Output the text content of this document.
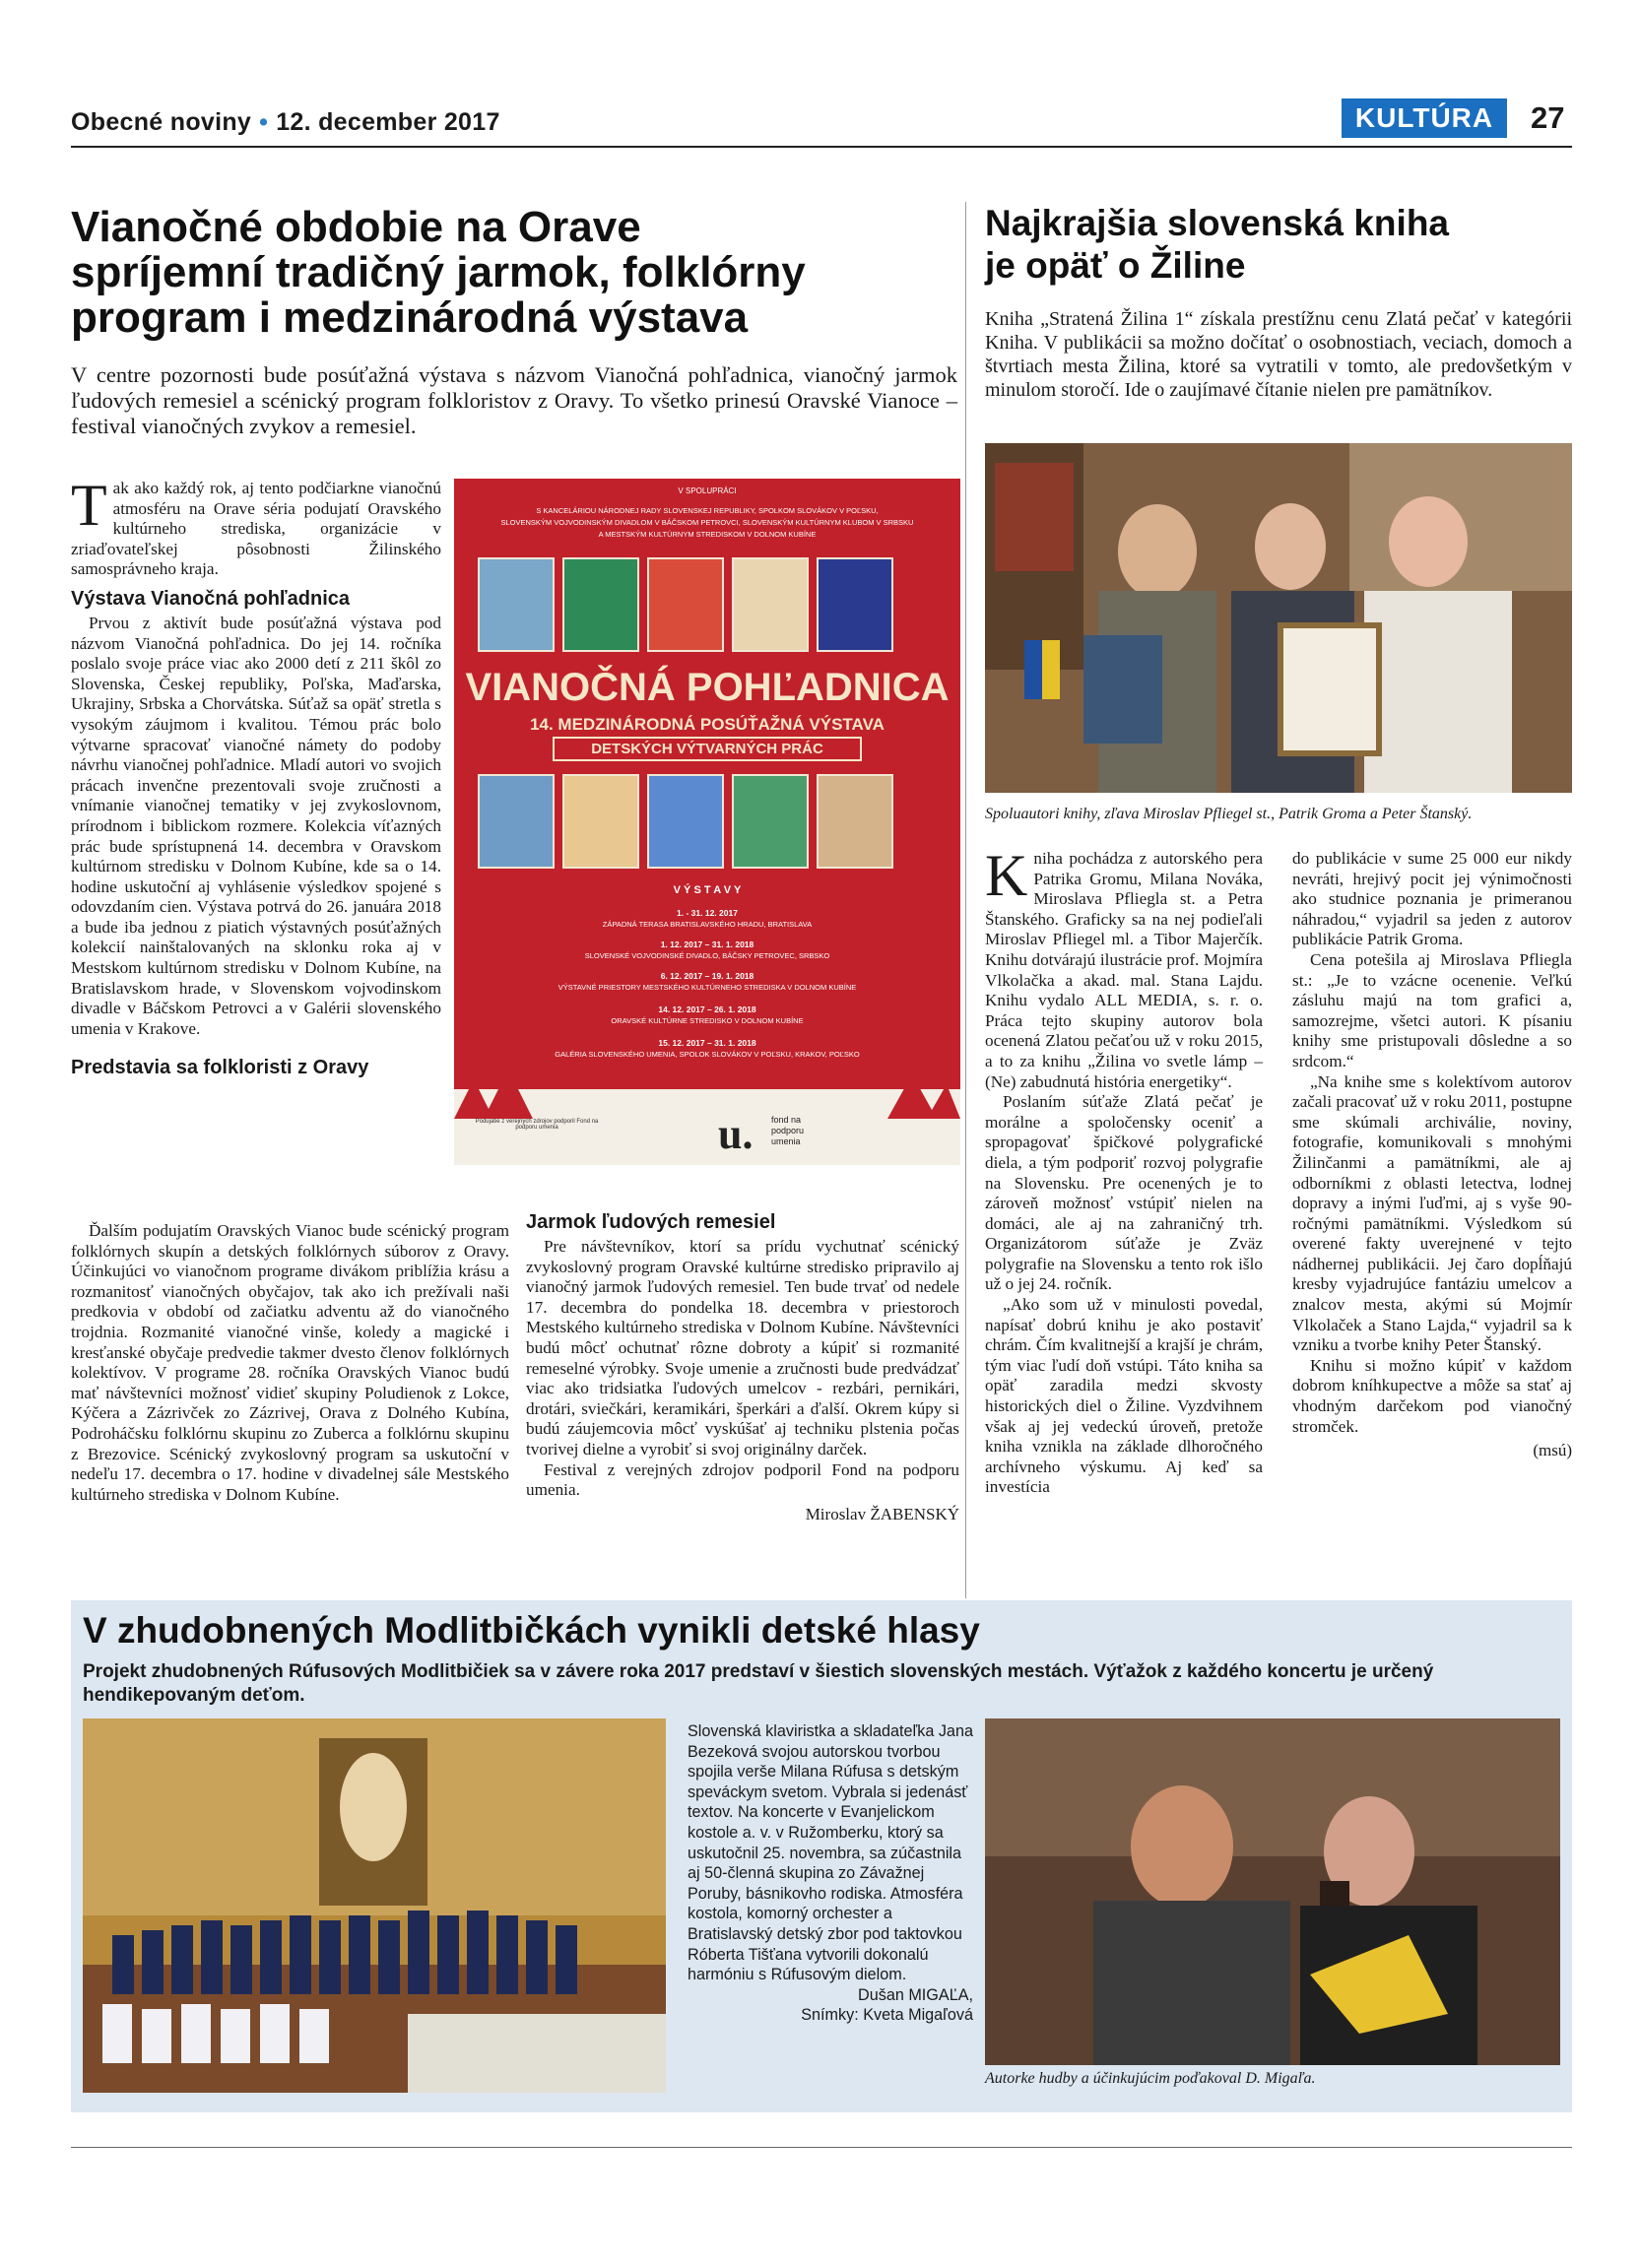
Obecné noviny • 12. december 2017	KULTÚRA	27
Vianočné obdobie na Orave
spríjemní tradičný jarmok, folklórny
program i medzinárodná výstava
V centre pozornosti bude posúťažná výstava s názvom Vianočná pohľadnica, vianočný jarmok ľudových remesiel a scénický program folkloristov z Oravy. To všetko prinesú Oravské Vianoce – festival vianočných zvykov a remesiel.

Tak ako každý rok, aj tento podčiarkne vianočnú atmosféru na Orave séria podujatí Oravského kultúrneho strediska, organizácie v zriaďovateľskej pôsobnosti Žilinského samosprávneho kraja.

Výstava Vianočná pohľadnica

Prvou z aktivít bude posúťažná výstava pod názvom Vianočná pohľadnica. Do jej 14. ročníka poslalo svoje práce viac ako 2000 detí z 211 škôl zo Slovenska, Českej republiky, Poľska, Maďarska, Ukrajiny, Srbska a Chorvátska. Súťaž sa opäť stretla s vysokým záujmom i kvalitou. Témou prác bolo výtvarne spracovať vianočné námety do podoby návrhu vianočnej pohľadnice. Mladí autori vo svojich prácach invenčne prezentovali svoje zručnosti a vnímanie vianočnej tematiky v jej zvykoslovnom, prírodnom i biblickom rozmere. Kolekcia víťazných prác bude sprístupnená 14. decembra v Oravskom kultúrnom stredisku v Dolnom Kubíne, kde sa o 14. hodine uskutoční aj vyhlásenie výsledkov spojené s odovzdaním cien. Výstava potrvá do 26. januára 2018 a bude iba jednou z piatich výstavných posúťažných kolekcií nainštalovaných na sklonku roka aj v Mestskom kultúrnom stredisku v Dolnom Kubíne, na Bratislavskom hrade, v Slovenskom vojvodinskom divadle v Báčskom Petrovci a v Galérii slovenského umenia v Krakove.

Predstavia sa folkloristi z Oravy

Ďalším podujatím Oravských Vianoc bude scénický program folklórnych skupín a detských folklórnych súborov z Oravy. Účinkujúci vo vianočnom programe divákom priblížia krásu a rozmanitosť vianočných obyčajov, tak ako ich prežívali naši predkovia v období od začiatku adventu až do vianočného trojdnia. Rozmanité vianočné vinše, koledy a magické i kresťanské obyčaje predvedie takmer dvesto členov folklórnych kolektívov. V programe 28. ročníka Oravských Vianoc budú mať návštevníci možnosť vidieť skupiny Poludienok z Lokce, Kýčera a Zázrivček zo Zázrivej, Orava z Dolného Kubína, Podroháčsku folklórnu skupinu zo Zuberca a folklórnu skupinu z Brezovice. Scénický zvykoslovný program sa uskutoční v nedeľu 17. decembra o 17. hodine v divadelnej sále Mestského kultúrneho strediska v Dolnom Kubíne.

V SPOLUPRÁCI
S KANCELÁRIOU NÁRODNEJ RADY SLOVENSKEJ REPUBLIKY, SPOLKOM SLOVÁKOV V POĽSKU,
SLOVENSKÝM VOJVODINSKÝM DIVADLOM V BÁČSKOM PETROVCI, SLOVENSKÝM KULTÚRNYM KLUBOM V SRBSKU
A MESTSKÝM KULTÚRNYM STREDISKOM V DOLNOM KUBÍNE
VIANOČNÁ POHĽADNICA
14. MEDZINÁRODNÁ POSÚŤAŽNÁ VÝSTAVA
DETSKÝCH VÝTVARNÝCH PRÁC
V Ý S T A V Y
1. - 31. 12. 2017
ZÁPADNÁ TERASA BRATISLAVSKÉHO HRADU, BRATISLAVA
1. 12. 2017 – 31. 1. 2018
SLOVENSKÉ VOJVODINSKÉ DIVADLO, BÁČSKY PETROVEC, SRBSKO
6. 12. 2017 – 19. 1. 2018
VÝSTAVNÉ PRIESTORY MESTSKÉHO KULTÚRNEHO STREDISKA V DOLNOM KUBÍNE
14. 12. 2017 – 26. 1. 2018
ORAVSKÉ KULTÚRNE STREDISKO V DOLNOM KUBÍNE
15. 12. 2017 – 31. 1. 2018
GALÉRIA SLOVENSKÉHO UMENIA, SPOLOK SLOVÁKOV V POĽSKU, KRAKOV, POĽSKO
Podujatie z verejných zdrojov podporil Fond na podporu umenia	u. fond na podporu umenia
Jarmok ľudových remesiel

Pre návštevníkov, ktorí sa prídu vychutnať scénický zvykoslovný program Oravské kultúrne stredisko pripravilo aj vianočný jarmok ľudových remesiel. Ten bude trvať od nedele 17. decembra do pondelka 18. decembra v priestoroch Mestského kultúrneho strediska v Dolnom Kubíne. Návštevníci budú môcť ochutnať rôzne dobroty a kúpiť si rozmanité remeselné výrobky. Svoje umenie a zručnosti bude predvádzať viac ako tridsiatka ľudových umelcov - rezbári, pernikári, drotári, sviečkári, keramikári, šperkári a ďalší. Okrem kúpy si budú záujemcovia môcť vyskúšať aj techniku plstenia počas tvorivej dielne a vyrobiť si svoj originálny darček.

Festival z verejných zdrojov podporil Fond na podporu umenia.

Miroslav ŽABENSKÝ
Najkrajšia slovenská kniha
je opäť o Žiline
Kniha „Stratená Žilina 1“ získala prestížnu cenu Zlatá pečať v kategórii Kniha. V publikácii sa možno dočítať o osobnostiach, veciach, domoch a štvrtiach mesta Žilina, ktoré sa vytratili v tomto, ale predovšetkým v minulom storočí. Ide o zaujímavé čítanie nielen pre pamätníkov.
Spoluautori knihy, zľava Miroslav Pfliegel st., Patrik Groma a Peter Štanský.

Kniha pochádza z autorského pera Patrika Gromu, Milana Nováka, Miroslava Pfliegla st. a Petra Štanského. Graficky sa na nej podieľali Miroslav Pfliegel ml. a Tibor Majerčík. Knihu dotvárajú ilustrácie prof. Mojmíra Vlkolačka a akad. mal. Stana Lajdu. Knihu vydalo ALL MEDIA, s. r. o. Práca tejto skupiny autorov bola ocenená Zlatou pečaťou už v roku 2015, a to za knihu „Žilina vo svetle lámp – (Ne) zabudnutá história energetiky“.

Poslaním súťaže Zlatá pečať je morálne a spoločensky oceniť a spropagovať špičkové polygrafické diela, a tým podporiť rozvoj polygrafie na Slovensku. Pre ocenených je to zároveň možnosť vstúpiť nielen na domáci, ale aj na zahraničný trh. Organizátorom súťaže je Zväz polygrafie na Slovensku a tento rok išlo už o jej 24. ročník.

„Ako som už v minulosti povedal, napísať dobrú knihu je ako postaviť chrám. Čím kvalitnejší a krajší je chrám, tým viac ľudí doň vstúpi. Táto kniha sa opäť zaradila medzi skvosty historických diel o Žiline. Vyzdvihnem však aj jej vedeckú úroveň, pretože kniha vznikla na základe dlhoročného archívneho výskumu. Aj keď sa investícia

do publikácie v sume 25 000 eur nikdy nevráti, hrejivý pocit jej výnimočnosti ako studnice poznania je primeranou náhradou,“ vyjadril sa jeden z autorov publikácie Patrik Groma.

Cena potešila aj Miroslava Pfliegla st.: „Je to vzácne ocenenie. Veľkú zásluhu majú na tom grafici a, samozrejme, všetci autori. K písaniu knihy sme pristupovali dôsledne a so srdcom.“

„Na knihe sme s kolektívom autorov začali pracovať už v roku 2011, postupne sme skúmali archiválie, noviny, fotografie, komunikovali s mnohými Žilinčanmi a pamätníkmi, ale aj odborníkmi z oblasti letectva, lodnej dopravy a inými ľuďmi, aj s vyše 90-ročnými pamätníkmi. Výsledkom sú overené fakty uverejnené v tejto nádhernej publikácii. Jej čaro dopĺňajú kresby vyjadrujúce fantáziu umelcov a znalcov mesta, akými sú Mojmír Vlkolaček a Stano Lajda,“ vyjadril sa k vzniku a tvorbe knihy Peter Štanský.

Knihu si možno kúpiť v každom dobrom kníhkupectve a môže sa stať aj vhodným darčekom pod vianočný stromček.

(msú)
V zhudobnených Modlitbičkách vynikli detské hlasy
Projekt zhudobnených Rúfusových Modlitbičiek sa v závere roka 2017 predstaví v šiestich slovenských mestách. Výťažok z každého koncertu je určený hendikepovaným deťom.
Slovenská klaviristka a skladateľka Jana Bezeková svojou autorskou tvorbou spojila verše Milana Rúfusa s detským speváckym svetom. Vybrala si jedenásť textov. Na koncerte v Evanjelickom kostole a. v. v Ružomberku, ktorý sa uskutočnil 25. novembra, sa zúčastnila aj 50-členná skupina zo Závažnej Poruby, básnikovho rodiska. Atmosféra kostola, komorný orchester a Bratislavský detský zbor pod taktovkou Róberta Tišťana vytvorili dokonalú harmóniu s Rúfusovým dielom.
Dušan MIGAĽA,
Snímky: Kveta Migaľová
Autorke hudby a účinkujúcim poďakoval D. Migaľa.
